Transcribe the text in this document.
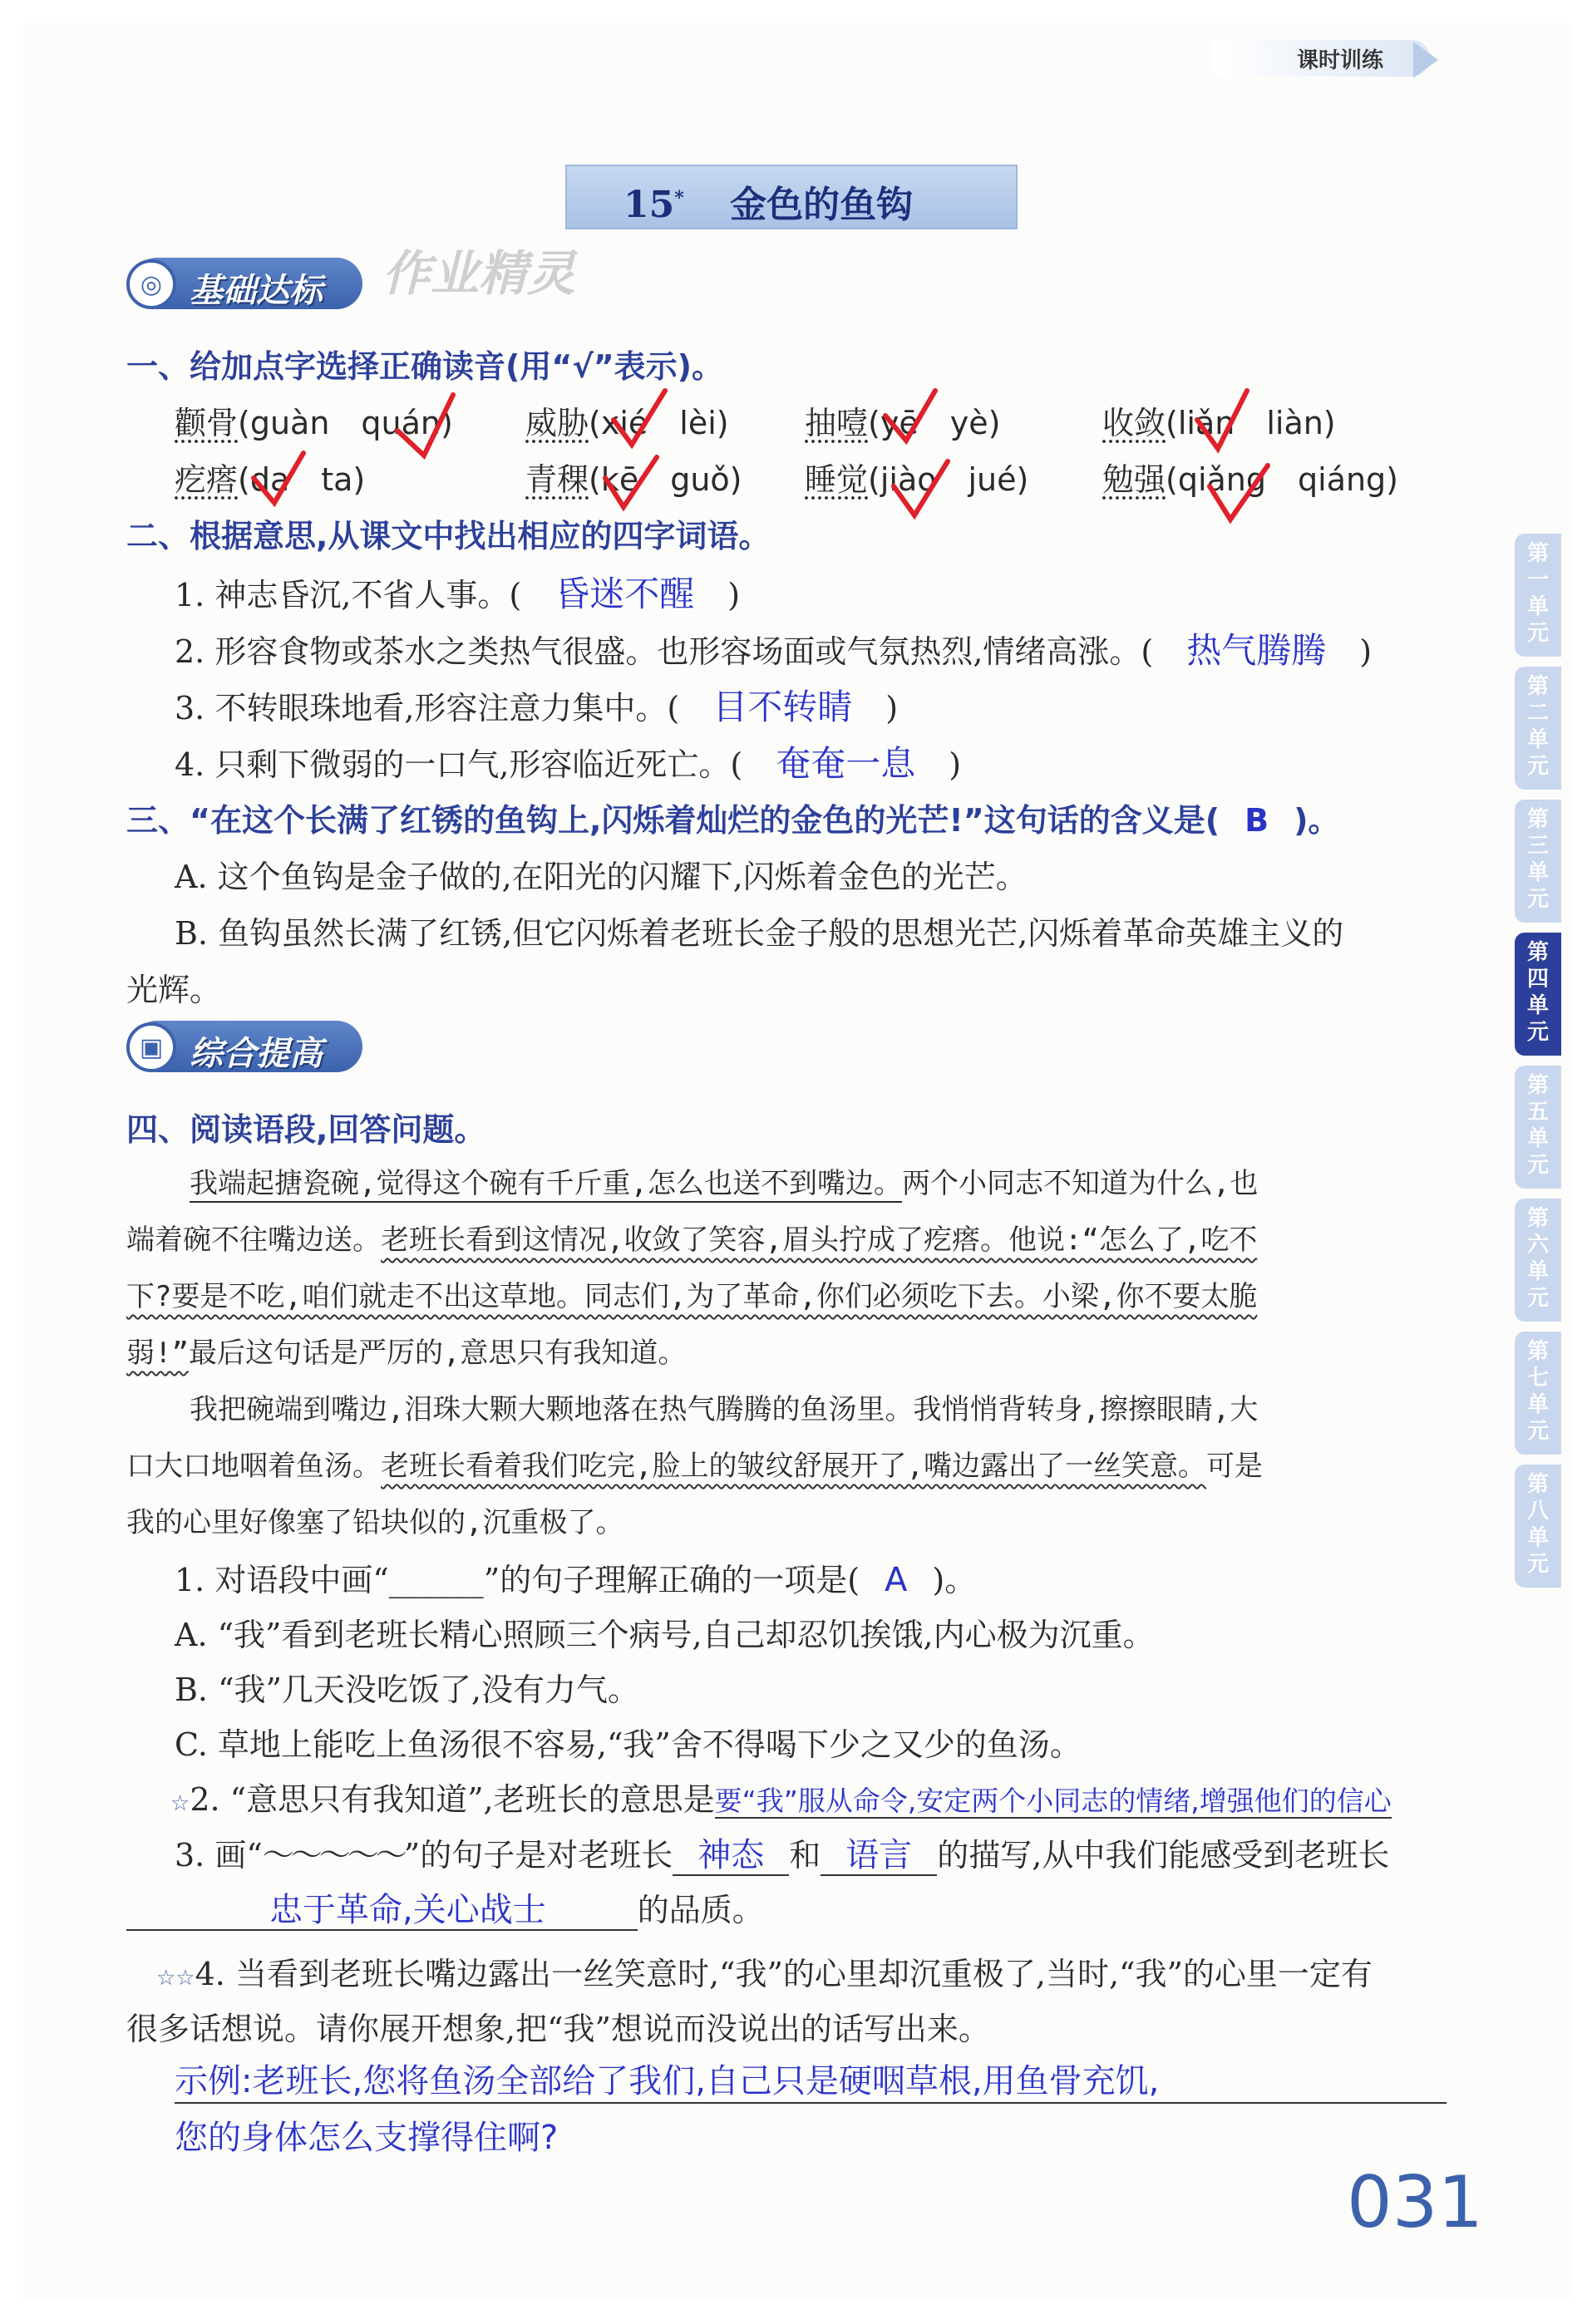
课时训练
15* 金色的鱼钩
作业精灵
◎ 基础达标
一、给加点字选择正确读音(用“√”表示)。
颧骨(guàn　quán) 威胁(xié　lèi) 抽噎(yē　yè)	收敛(liǎn　liàn)
疙瘩(da　ta)	青稞(kē　guǒ) 睡觉(jiào　jué) 勉强(qiǎng　qiáng)
二、根据意思,从课文中找出相应的四字词语。
1. 神志昏沉,不省人事。( 昏迷不醒 )
2. 形容食物或茶水之类热气很盛。也形容场面或气氛热烈,情绪高涨。( 热气腾腾 )
3. 不转眼珠地看,形容注意力集中。( 目不转睛 )
4. 只剩下微弱的一口气,形容临近死亡。( 奄奄一息 )
三、“在这个长满了红锈的鱼钩上,闪烁着灿烂的金色的光芒!”这句话的含义是( B )。
A. 这个鱼钩是金子做的,在阳光的闪耀下,闪烁着金色的光芒。
B. 鱼钩虽然长满了红锈,但它闪烁着老班长金子般的思想光芒,闪烁着革命英雄主义的
光辉。
▣ 综合提高
四、阅读语段,回答问题。
我端起搪瓷碗,觉得这个碗有千斤重,怎么也送不到嘴边。两个小同志不知道为什么,也
端着碗不往嘴边送。老班长看到这情况,收敛了笑容,眉头拧成了疙瘩。他说:“怎么了,吃不
下?要是不吃,咱们就走不出这草地。同志们,为了革命,你们必须吃下去。小梁,你不要太脆
弱!”最后这句话是严厉的,意思只有我知道。
我把碗端到嘴边,泪珠大颗大颗地落在热气腾腾的鱼汤里。我悄悄背转身,擦擦眼睛,大
口大口地咽着鱼汤。老班长看着我们吃完,脸上的皱纹舒展开了,嘴边露出了一丝笑意。可是
我的心里好像塞了铅块似的,沉重极了。
1. 对语段中画“______”的句子理解正确的一项是( A )。
A. “我”看到老班长精心照顾三个病号,自己却忍饥挨饿,内心极为沉重。
B. “我”几天没吃饭了,没有力气。
C. 草地上能吃上鱼汤很不容易,“我”舍不得喝下少之又少的鱼汤。
☆2. “意思只有我知道”,老班长的意思是要“我”服从命令,安定两个小同志的情绪,增强他们的信心
3. 画“～～～～～”的句子是对老班长 神态 和 语言 的描写,从中我们能感受到老班长
忠于革命,关心战士	的品质。
☆☆4. 当看到老班长嘴边露出一丝笑意时,“我”的心里却沉重极了,当时,“我”的心里一定有
很多话想说。请你展开想象,把“我”想说而没说出的话写出来。
示例:老班长,您将鱼汤全部给了我们,自己只是硬咽草根,用鱼骨充饥,
您的身体怎么支撑得住啊?
第
一
单
元
第
二
单
元
第
三
单
元
第
四
单
元
第
五
单
元
第
六
单
元
第
七
单
元
第
八
单
元
031
